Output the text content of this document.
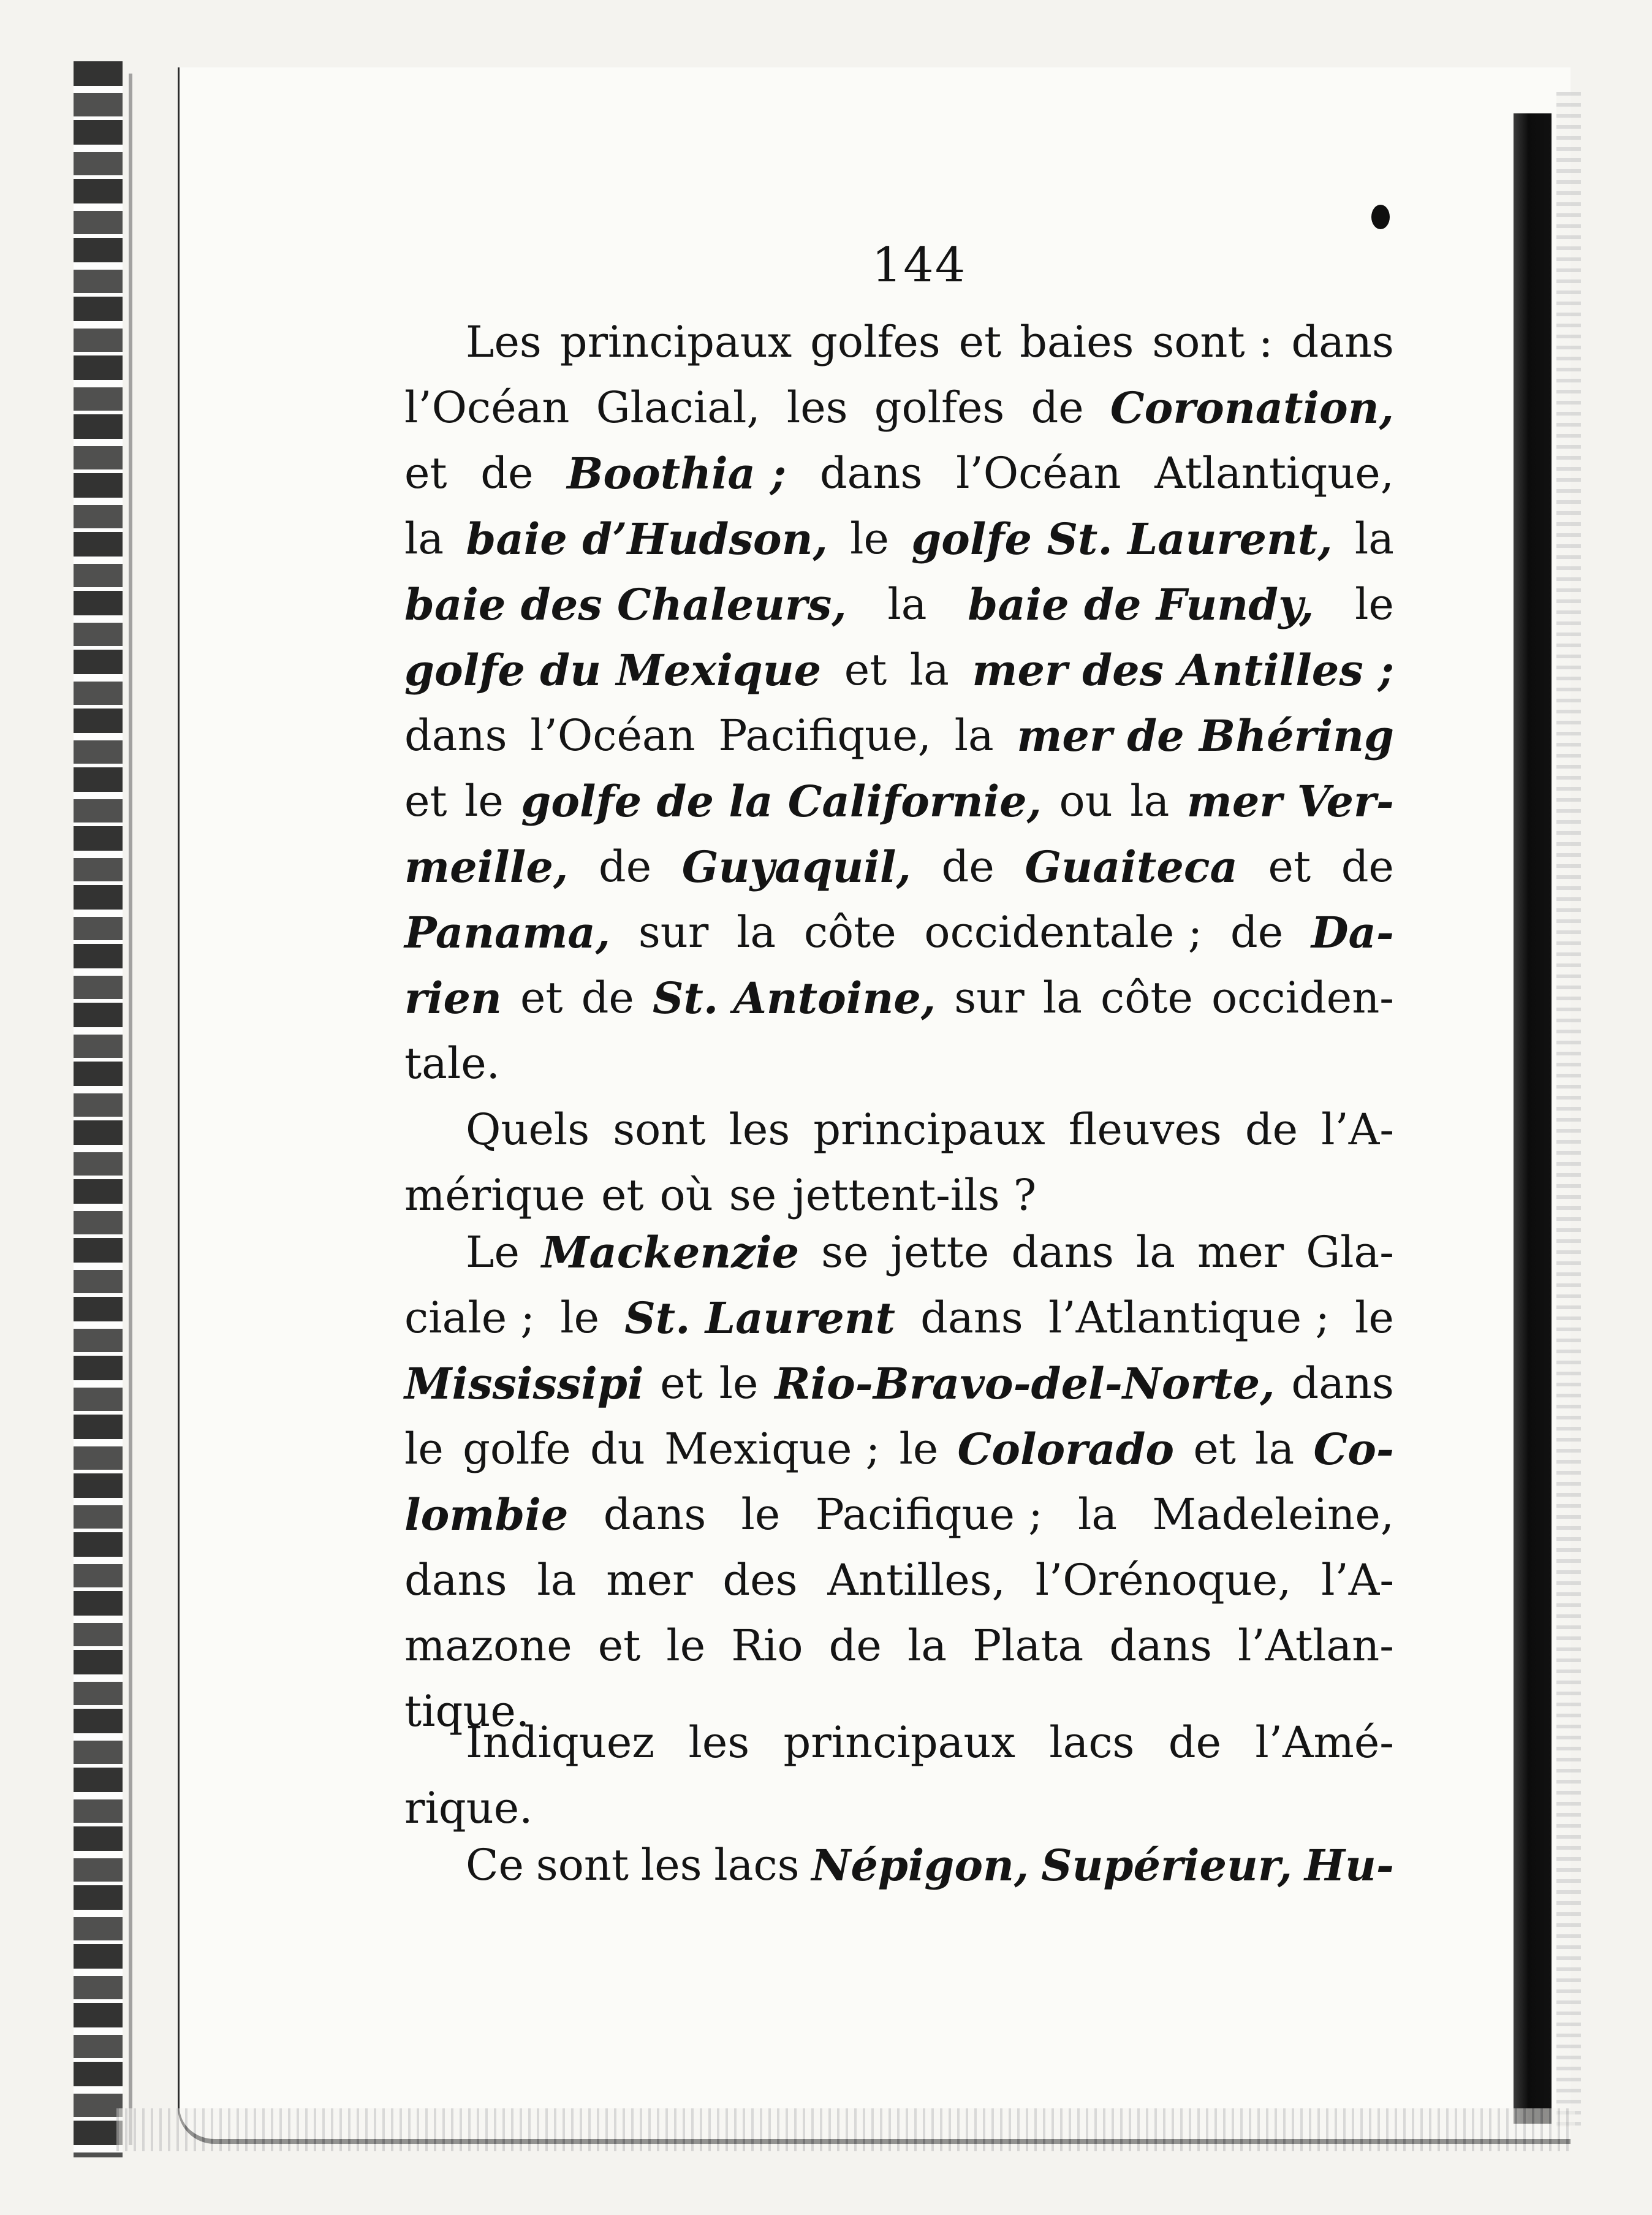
144
Les principaux golfes et baies sont : dans
l’Océan Glacial, les golfes de Coronation,
et de Boothia ; dans l’Océan Atlantique,
la baie d’Hudson, le golfe St. Laurent, la
baie des Chaleurs, la baie de Fundy, le
golfe du Mexique et la mer des Antilles ;
dans l’Océan Pacifique, la mer de Bhéring
et le golfe de la Californie, ou la mer Ver-
meille, de Guyaquil, de Guaiteca et de
Panama, sur la côte occidentale ; de Da-
rien et de St. Antoine, sur la côte occiden-
tale.
Quels sont les principaux fleuves de l’A-
mérique et où se jettent-ils ?
Le Mackenzie se jette dans la mer Gla-
ciale ; le St. Laurent dans l’Atlantique ; le
Mississipi et le Rio-Bravo-del-Norte, dans
le golfe du Mexique ; le Colorado et la Co-
lombie dans le Pacifique ; la Madeleine,
dans la mer des Antilles, l’Orénoque, l’A-
mazone et le Rio de la Plata dans l’Atlan-
tique.
Indiquez les principaux lacs de l’Amé-
rique.
Ce sont les lacs Népigon, Supérieur, Hu-
